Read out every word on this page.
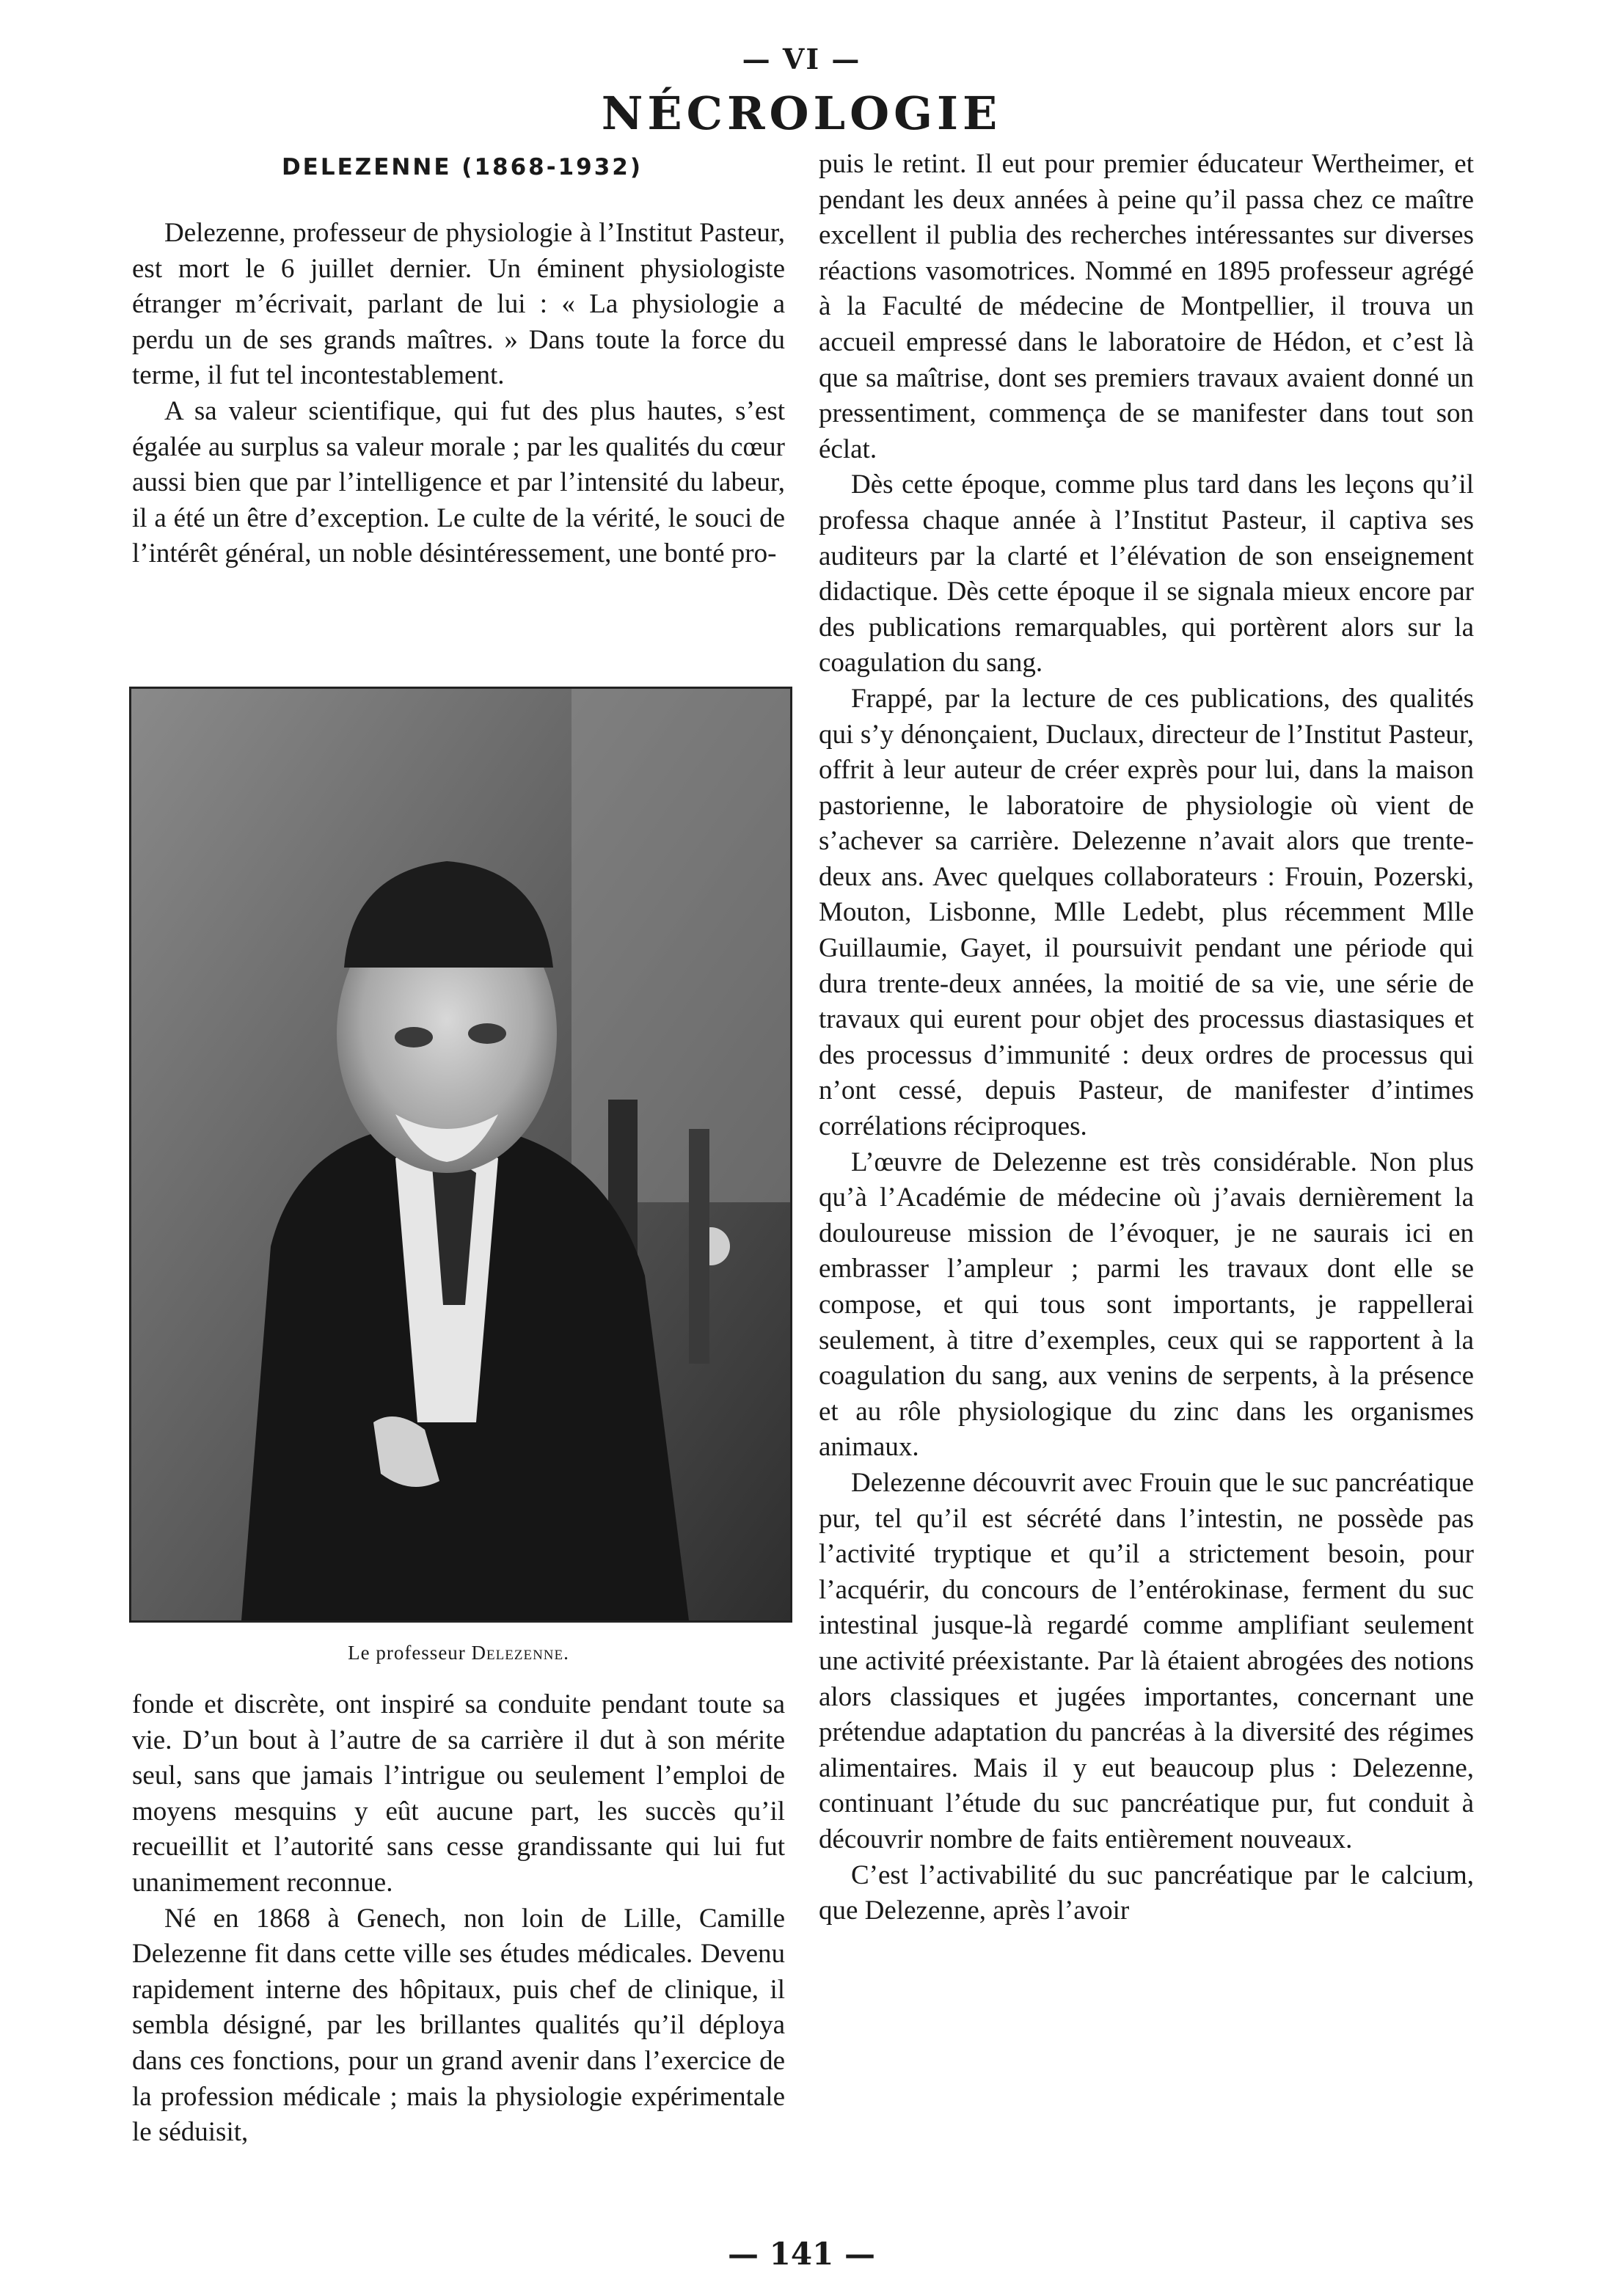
— VI —
NÉCROLOGIE
DELEZENNE (1868-1932)

Delezenne, professeur de physiologie à l’Institut Pasteur, est mort le 6 juillet dernier. Un éminent physiologiste étranger m’écrivait, parlant de lui : « La physiologie a perdu un de ses grands maîtres. » Dans toute la force du terme, il fut tel incontestablement.

A sa valeur scientifique, qui fut des plus hautes, s’est égalée au surplus sa valeur morale ; par les qualités du cœur aussi bien que par l’intelligence et par l’intensité du labeur, il a été un être d’exception. Le culte de la vérité, le souci de l’intérêt général, un noble désintéressement, une bonté pro-

Le professeur Delezenne.

fonde et discrète, ont inspiré sa conduite pendant toute sa vie. D’un bout à l’autre de sa carrière il dut à son mérite seul, sans que jamais l’intrigue ou seulement l’emploi de moyens mesquins y eût aucune part, les succès qu’il recueillit et l’autorité sans cesse grandissante qui lui fut unanimement reconnue.

Né en 1868 à Genech, non loin de Lille, Camille Delezenne fit dans cette ville ses études médicales. Devenu rapidement interne des hôpitaux, puis chef de clinique, il sembla désigné, par les brillantes qualités qu’il déploya dans ces fonctions, pour un grand avenir dans l’exercice de la profession médicale ; mais la physiologie expérimentale le séduisit,

puis le retint. Il eut pour premier éducateur Wertheimer, et pendant les deux années à peine qu’il passa chez ce maître excellent il publia des recherches intéressantes sur diverses réactions vasomotrices. Nommé en 1895 professeur agrégé à la Faculté de médecine de Montpellier, il trouva un accueil empressé dans le laboratoire de Hédon, et c’est là que sa maîtrise, dont ses premiers travaux avaient donné un pressentiment, commença de se manifester dans tout son éclat.

Dès cette époque, comme plus tard dans les leçons qu’il professa chaque année à l’Institut Pasteur, il captiva ses auditeurs par la clarté et l’élévation de son enseignement didactique. Dès cette époque il se signala mieux encore par des publications remarquables, qui portèrent alors sur la coagulation du sang.

Frappé, par la lecture de ces publications, des qualités qui s’y dénonçaient, Duclaux, directeur de l’Institut Pasteur, offrit à leur auteur de créer exprès pour lui, dans la maison pastorienne, le laboratoire de physiologie où vient de s’achever sa carrière. Delezenne n’avait alors que trente-deux ans. Avec quelques collaborateurs : Frouin, Pozerski, Mouton, Lisbonne, Mlle Ledebt, plus récemment Mlle Guillaumie, Gayet, il poursuivit pendant une période qui dura trente-deux années, la moitié de sa vie, une série de travaux qui eurent pour objet des processus diastasiques et des processus d’immunité : deux ordres de processus qui n’ont cessé, depuis Pasteur, de manifester d’intimes corrélations réciproques.

L’œuvre de Delezenne est très considérable. Non plus qu’à l’Académie de médecine où j’avais dernièrement la douloureuse mission de l’évoquer, je ne saurais ici en embrasser l’ampleur ; parmi les travaux dont elle se compose, et qui tous sont importants, je rappellerai seulement, à titre d’exemples, ceux qui se rapportent à la coagulation du sang, aux venins de serpents, à la présence et au rôle physiologique du zinc dans les organismes animaux.

Delezenne découvrit avec Frouin que le suc pancréatique pur, tel qu’il est sécrété dans l’intestin, ne possède pas l’activité tryptique et qu’il a strictement besoin, pour l’acquérir, du concours de l’entérokinase, ferment du suc intestinal jusque-là regardé comme amplifiant seulement une activité préexistante. Par là étaient abrogées des notions alors classiques et jugées importantes, concernant une prétendue adaptation du pancréas à la diversité des régimes alimentaires. Mais il y eut beaucoup plus : Delezenne, continuant l’étude du suc pancréatique pur, fut conduit à découvrir nombre de faits entièrement nouveaux.

C’est l’activabilité du suc pancréatique par le calcium, que Delezenne, après l’avoir

— 141 —
